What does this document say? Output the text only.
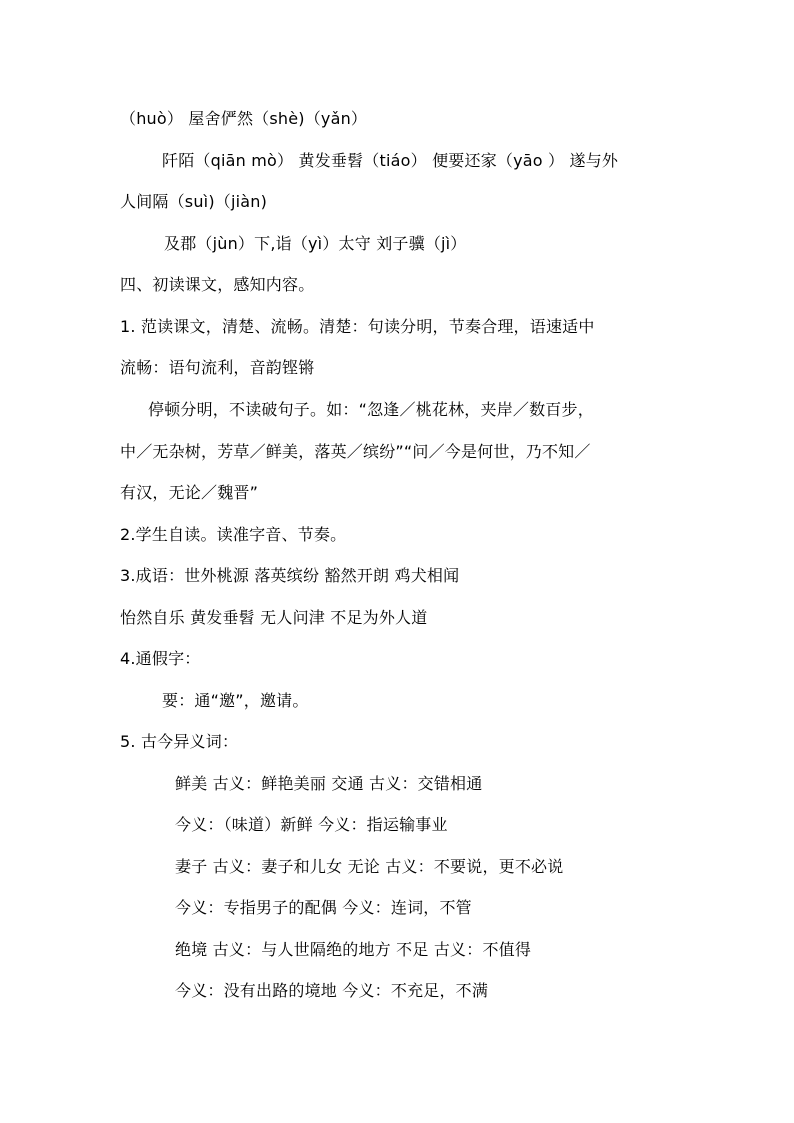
（huò） 屋舍俨然（shè)（yǎn）
阡陌（qiān mò） 黄发垂髫（tiáo） 便要还家（yāo ） 遂与外
人间隔（suì)（jiàn)
及郡（jùn）下,诣（yì）太守 刘子骥（jì）
四、初读课文，感知内容。
1. 范读课文，清楚、流畅。清楚：句读分明，节奏合理，语速适中
流畅：语句流利，音韵铿锵
停顿分明，不读破句子。如：“忽逢／桃花林，夹岸／数百步，
中／无杂树，芳草／鲜美，落英／缤纷”“问／今是何世，乃不知／
有汉，无论／魏晋”
2.学生自读。读准字音、节奏。
3.成语：世外桃源 落英缤纷 豁然开朗 鸡犬相闻
怡然自乐 黄发垂髫 无人问津 不足为外人道
4.通假字：
要：通“邀”，邀请。
5. 古今异义词：
鲜美 古义：鲜艳美丽 交通 古义：交错相通
今义：（味道）新鲜 今义：指运输事业
妻子 古义：妻子和儿女 无论 古义：不要说，更不必说
今义：专指男子的配偶 今义：连词，不管
绝境 古义：与人世隔绝的地方 不足 古义：不值得
今义：没有出路的境地 今义：不充足，不满
